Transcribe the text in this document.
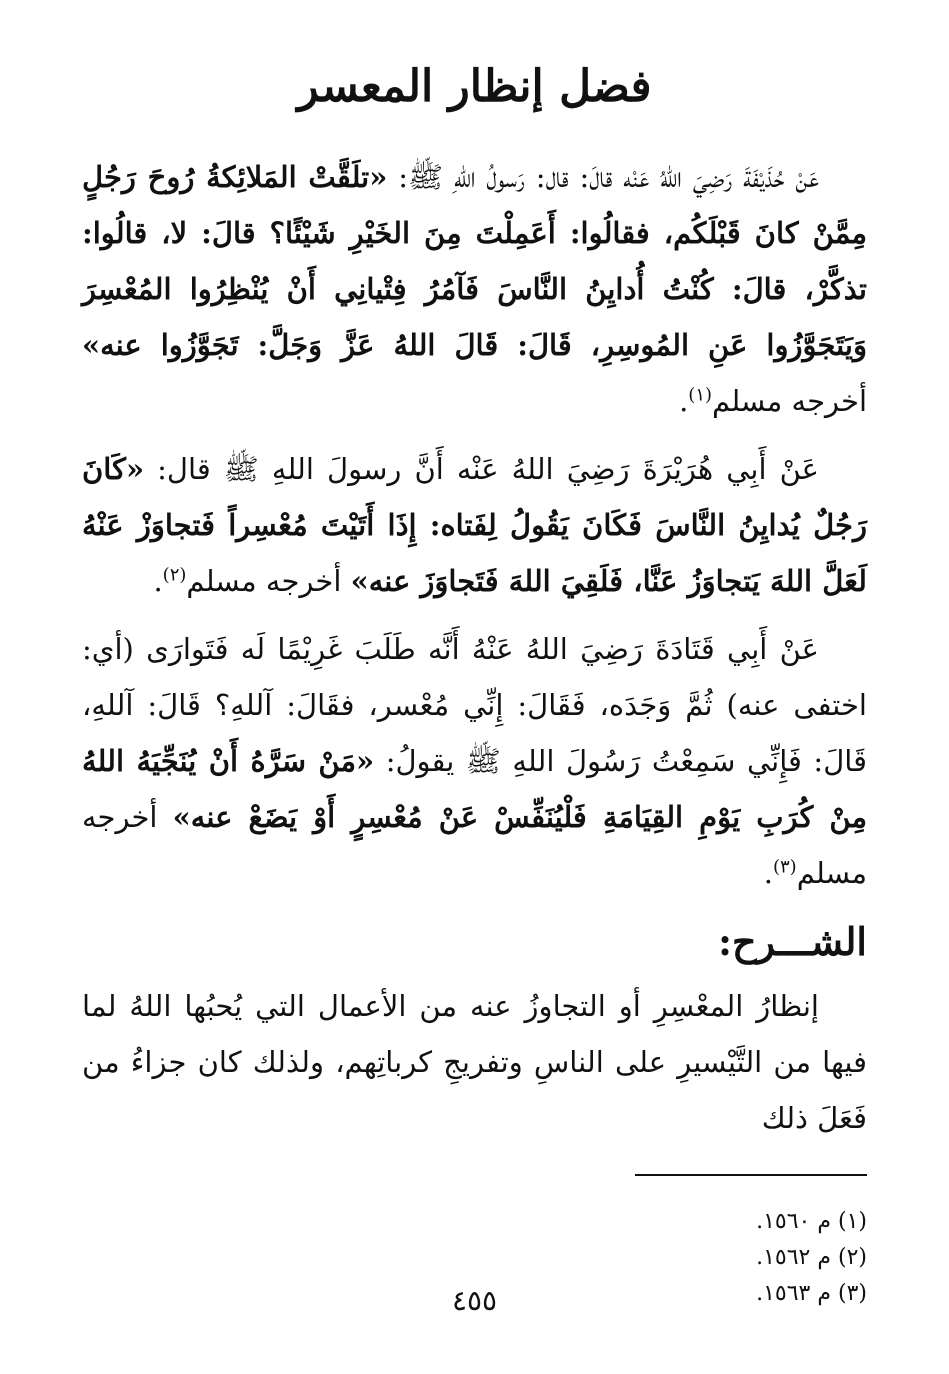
فضل إنظار المعسر

عَنْ حُذَيْفَةَ رَضِيَ اللهُ عَنْه قالَ: قال: رَسولُ اللهِ ﷺ: «تلَقَّتْ المَلائِكةُ رُوحَ رَجُلٍ مِمَّنْ كانَ قَبْلَكُم، فقالُوا: أَعَمِلْتَ مِنَ الخَيْرِ شَيْئًا؟ قالَ: لا، قالُوا: تذكَّرْ، قالَ: كُنْتُ أُدايِنُ النَّاسَ فَآمُرُ فِتْيانِي أَنْ يُنْظِرُوا المُعْسِرَ وَيَتَجَوَّزُوا عَنِ المُوسِرِ، قَالَ: قَالَ اللهُ عَزَّ وَجَلَّ: تَجَوَّزُوا عنه» أخرجه مسلم$^{(١)}$.

عَنْ أَبِي هُرَيْرَةَ رَضِيَ اللهُ عَنْه أَنَّ رسولَ اللهِ ﷺ قال: «كَانَ رَجُلٌ يُدايِنُ النَّاسَ فَكَانَ يَقُولُ لِفَتاه: إِذَا أَتَيْتَ مُعْسِراً فَتجاوَزْ عَنْهُ لَعَلَّ اللهَ يَتجاوَزُ عَنَّا، فَلَقِيَ اللهَ فَتَجاوَزَ عنه» أخرجه مسلم$^{(٢)}$.

عَنْ أَبِي قَتَادَةَ رَضِيَ اللهُ عَنْهُ أَنَّه طَلَبَ غَرِيْمًا لَه فَتَوارَى (أي: اختفى عنه) ثُمَّ وَجَدَه، فَقَالَ: إِنِّي مُعْسر، فقَالَ: آللهِ؟ قَالَ: آللهِ، قَالَ: فَإِنِّي سَمِعْتُ رَسُولَ اللهِ ﷺ يقولُ: «مَنْ سَرَّهُ أَنْ يُنَجِّيَهُ اللهُ مِنْ كُرَبِ يَوْمِ القِيَامَةِ فَلْيُنَفِّسْ عَنْ مُعْسِرٍ أَوْ يَضَعْ عنه» أخرجه مسلم$^{(٣)}$.

الشـــرح:

إنظارُ المعْسِرِ أو التجاوزُ عنه من الأعمال التي يُحبُها اللهُ لما فيها من التَّيْسيرِ على الناسِ وتفريجِ كرباتِهم، ولذلك كان جزاءُ من فَعَلَ ذلك

(١) م ١٥٦٠.
(٢) م ١٥٦٢.
(٣) م ١٥٦٣.
٤٥٥
